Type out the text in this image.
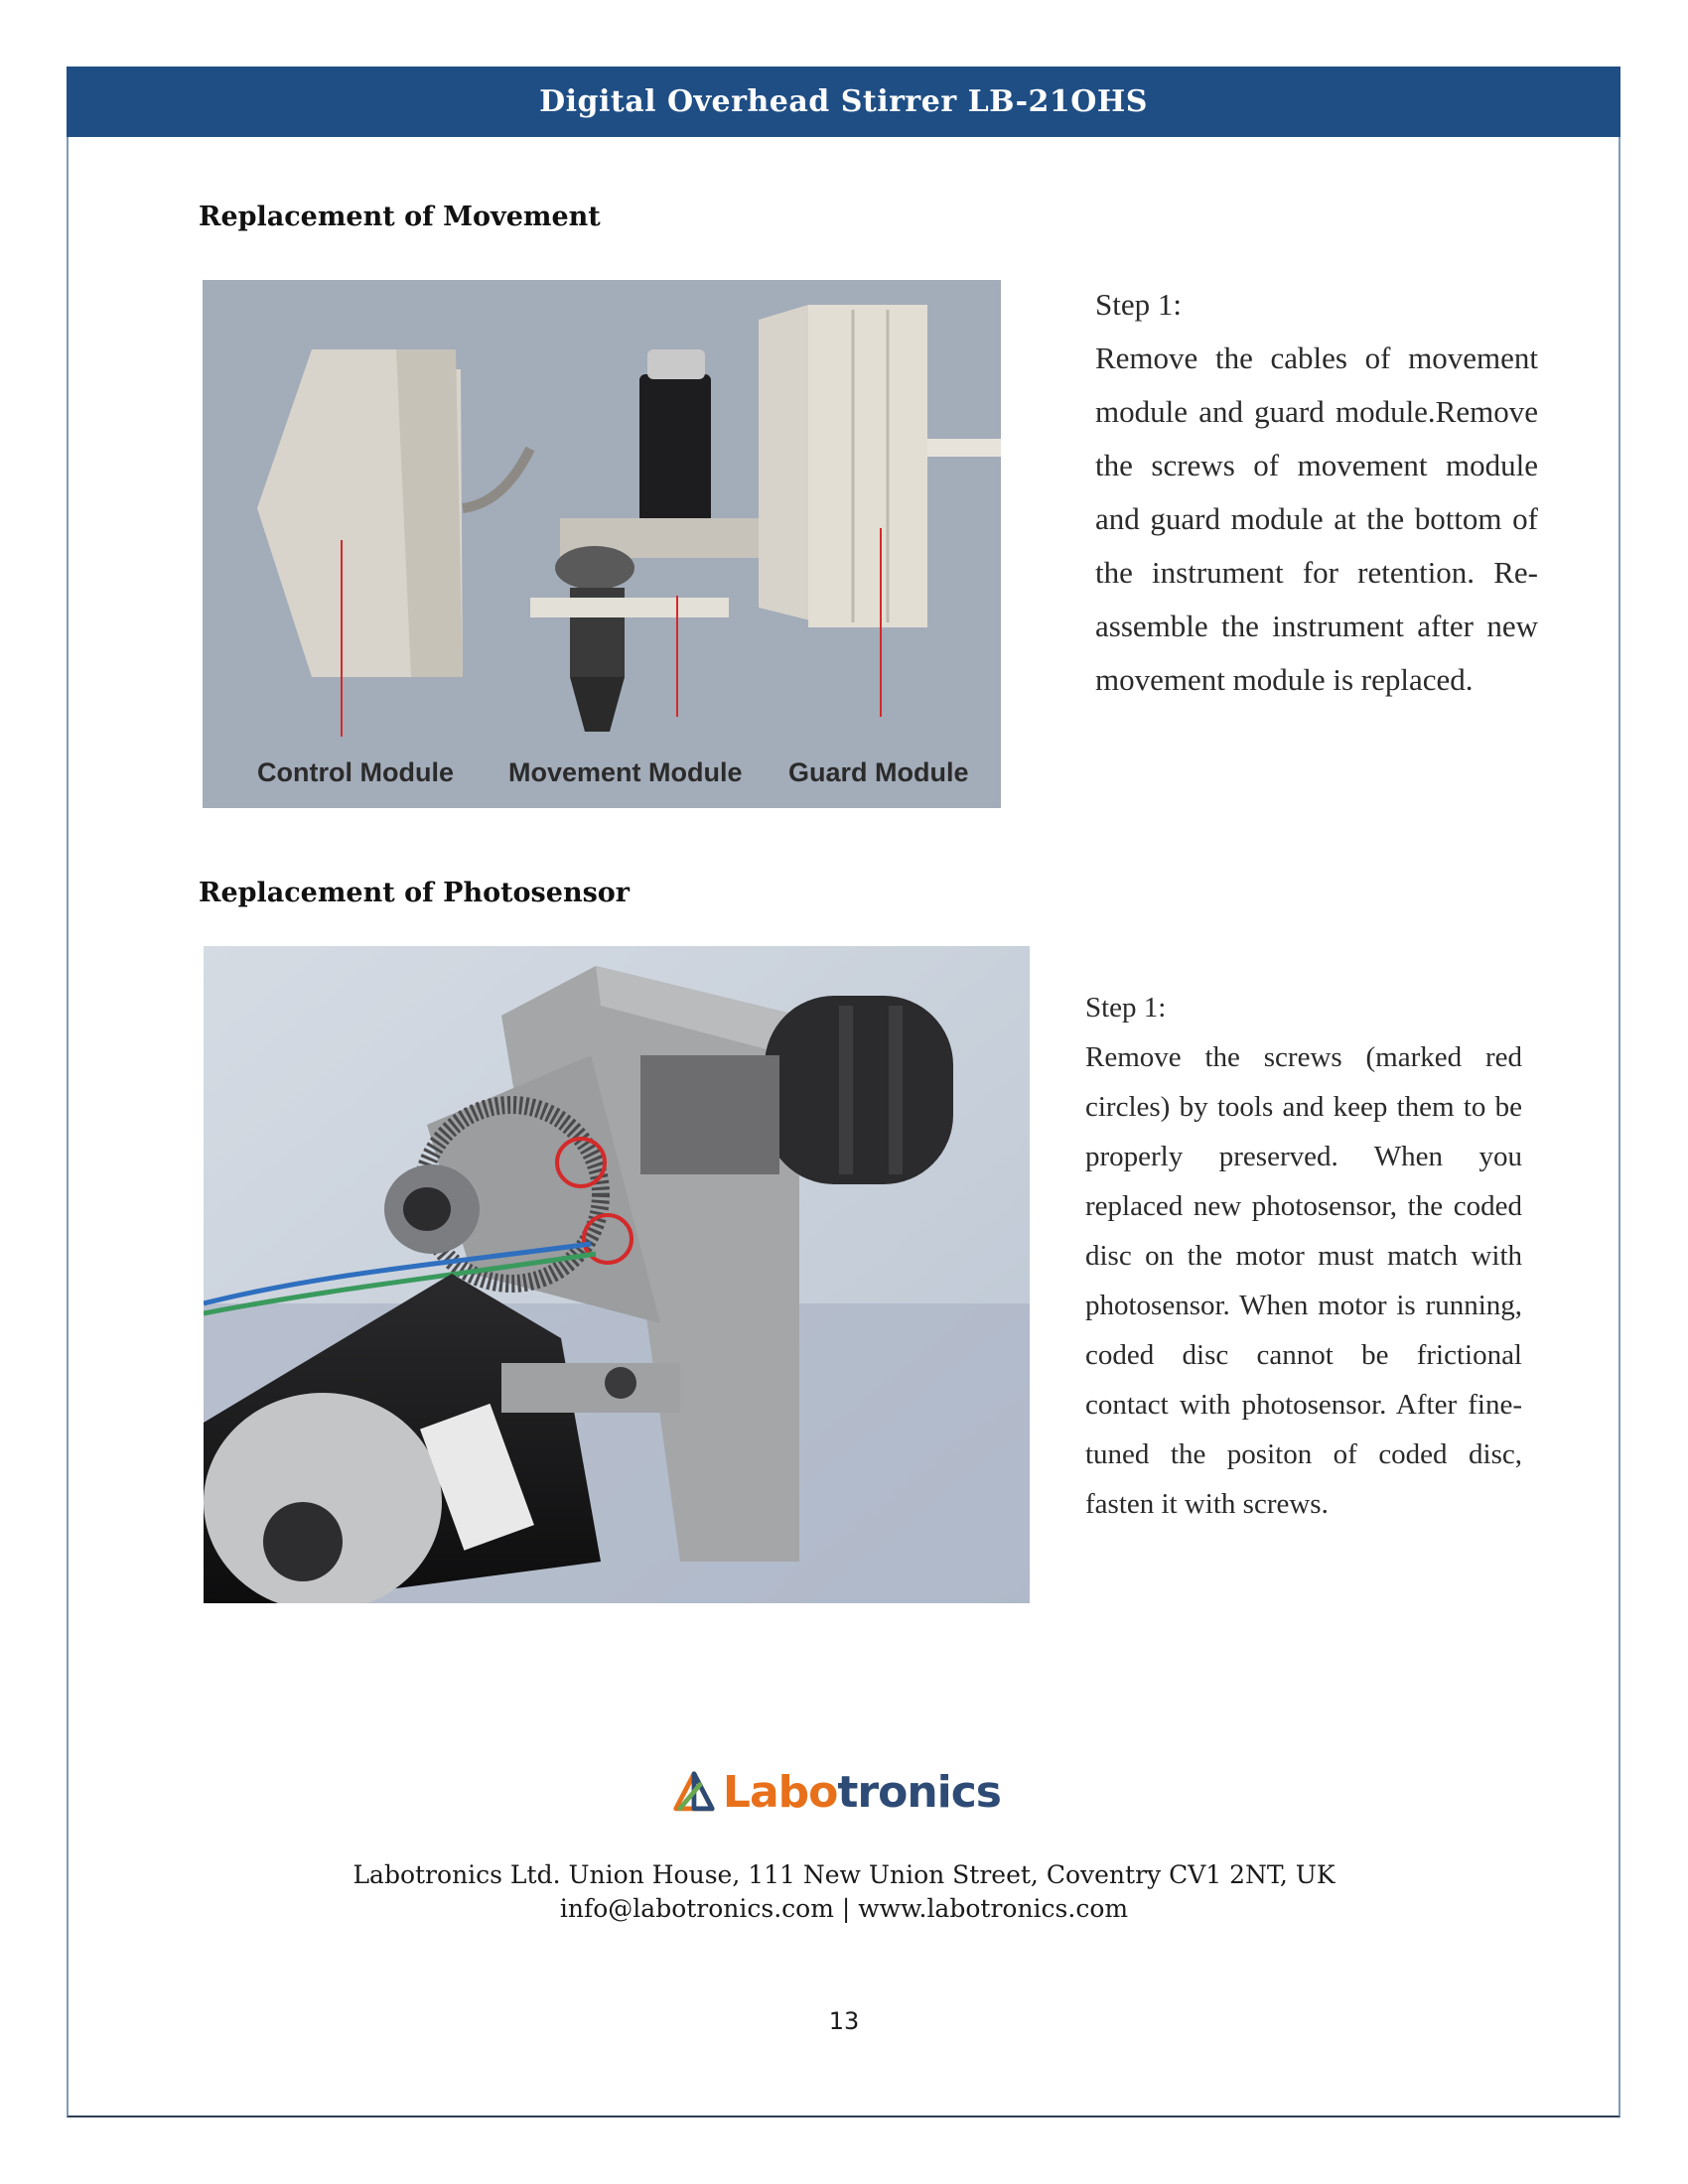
Digital Overhead Stirrer LB-21OHS
Replacement of Movement
Control Module Movement Module Guard Module
Step 1:
Remove the cables of movement module and guard module.Remove the screws of movement module and guard module at the bottom of the instrument for retention. Re-assemble the instrument after new movement module is replaced.
Replacement of Photosensor
Step 1:
Remove the screws (marked red circles) by tools and keep them to be properly preserved. When you replaced new photosensor, the coded disc on the motor must match with photosensor. When motor is running, coded disc cannot be frictional contact with photosensor. After fine-tuned the positon of coded disc, fasten it with screws.
Labotronics
Labotronics Ltd. Union House, 111 New Union Street, Coventry CV1 2NT, UK
info@labotronics.com | www.labotronics.com
13
